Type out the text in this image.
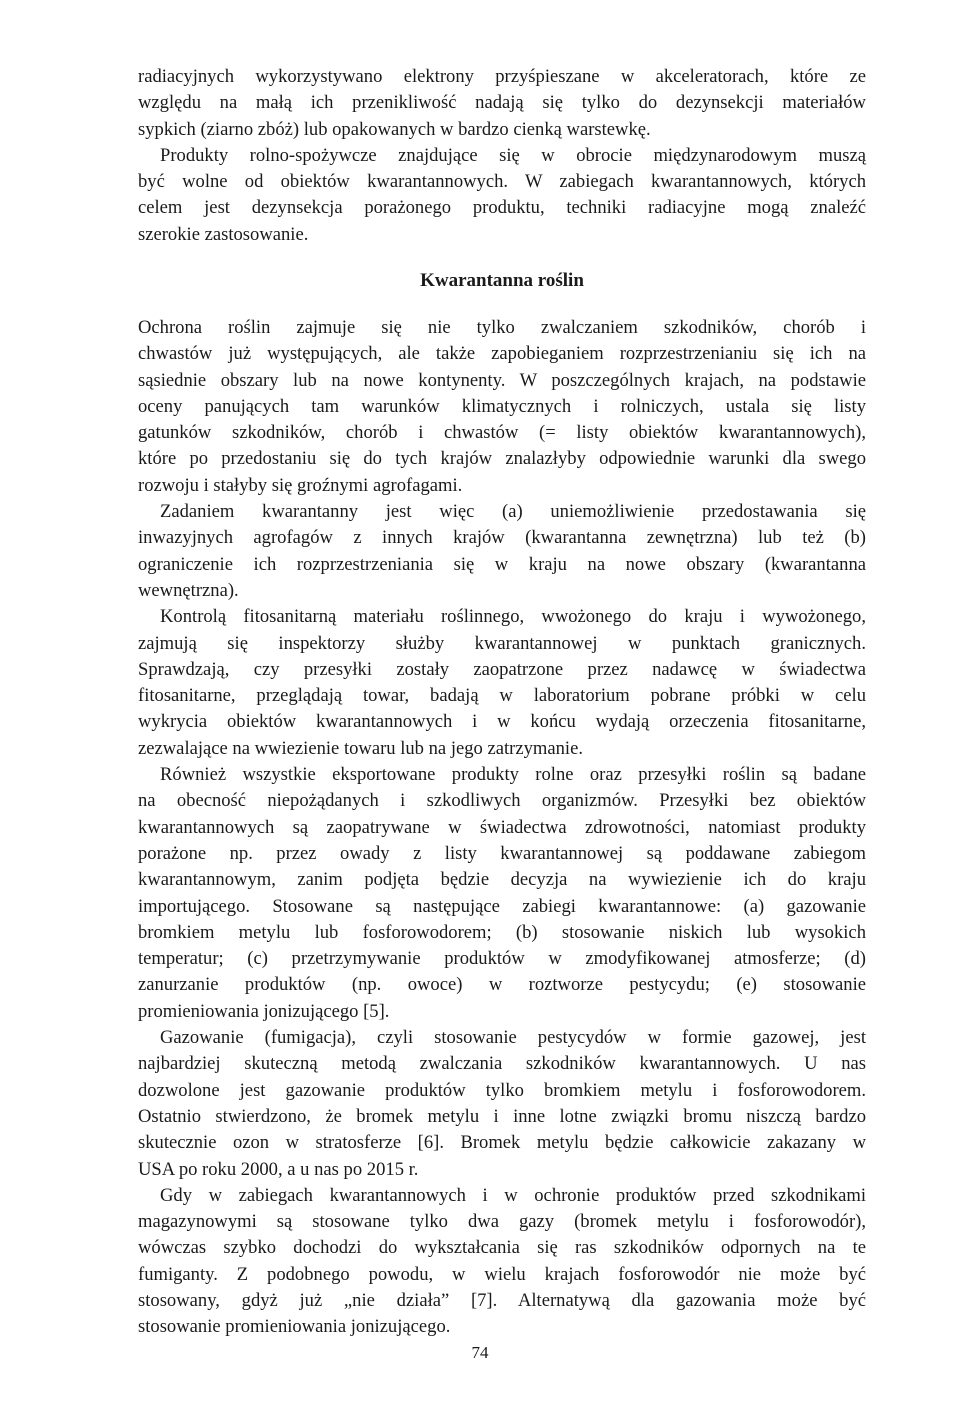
radiacyjnych wykorzystywano elektrony przyśpieszane w akceleratorach, które ze
względu na małą ich przenikliwość nadają się tylko do dezynsekcji materiałów
sypkich (ziarno zbóż) lub opakowanych w bardzo cienką warstewkę.
Produkty rolno-spożywcze znajdujące się w obrocie międzynarodowym muszą
być wolne od obiektów kwarantannowych. W zabiegach kwarantannowych, których
celem jest dezynsekcja porażonego produktu, techniki radiacyjne mogą znaleźć
szerokie zastosowanie.
Kwarantanna roślin
Ochrona roślin zajmuje się nie tylko zwalczaniem szkodników, chorób i
chwastów już występujących, ale także zapobieganiem rozprzestrzenianiu się ich na
sąsiednie obszary lub na nowe kontynenty. W poszczególnych krajach, na podstawie
oceny panujących tam warunków klimatycznych i rolniczych, ustala się listy
gatunków szkodników, chorób i chwastów (= listy obiektów kwarantannowych),
które po przedostaniu się do tych krajów znalazłyby odpowiednie warunki dla swego
rozwoju i stałyby się groźnymi agrofagami.
Zadaniem kwarantanny jest więc (a) uniemożliwienie przedostawania się
inwazyjnych agrofagów z innych krajów (kwarantanna zewnętrzna) lub też (b)
ograniczenie ich rozprzestrzeniania się w kraju na nowe obszary (kwarantanna
wewnętrzna).
Kontrolą fitosanitarną materiału roślinnego, wwożonego do kraju i wywożonego,
zajmują się inspektorzy służby kwarantannowej w punktach granicznych.
Sprawdzają, czy przesyłki zostały zaopatrzone przez nadawcę w świadectwa
fitosanitarne, przeglądają towar, badają w laboratorium pobrane próbki w celu
wykrycia obiektów kwarantannowych i w końcu wydają orzeczenia fitosanitarne,
zezwalające na wwiezienie towaru lub na jego zatrzymanie.
Również wszystkie eksportowane produkty rolne oraz przesyłki roślin są badane
na obecność niepożądanych i szkodliwych organizmów. Przesyłki bez obiektów
kwarantannowych są zaopatrywane w świadectwa zdrowotności, natomiast produkty
porażone np. przez owady z listy kwarantannowej są poddawane zabiegom
kwarantannowym, zanim podjęta będzie decyzja na wywiezienie ich do kraju
importującego. Stosowane są następujące zabiegi kwarantannowe: (a) gazowanie
bromkiem metylu lub fosforowodorem; (b) stosowanie niskich lub wysokich
temperatur; (c) przetrzymywanie produktów w zmodyfikowanej atmosferze; (d)
zanurzanie produktów (np. owoce) w roztworze pestycydu; (e) stosowanie
promieniowania jonizującego [5].
Gazowanie (fumigacja), czyli stosowanie pestycydów w formie gazowej, jest
najbardziej skuteczną metodą zwalczania szkodników kwarantannowych. U nas
dozwolone jest gazowanie produktów tylko bromkiem metylu i fosforowodorem.
Ostatnio stwierdzono, że bromek metylu i inne lotne związki bromu niszczą bardzo
skutecznie ozon w stratosferze [6]. Bromek metylu będzie całkowicie zakazany w
USA po roku 2000, a u nas po 2015 r.
Gdy w zabiegach kwarantannowych i w ochronie produktów przed szkodnikami
magazynowymi są stosowane tylko dwa gazy (bromek metylu i fosforowodór),
wówczas szybko dochodzi do wykształcania się ras szkodników odpornych na te
fumiganty. Z podobnego powodu, w wielu krajach fosforowodór nie może być
stosowany, gdyż już „nie działa” [7]. Alternatywą dla gazowania może być
stosowanie promieniowania jonizującego.
74
